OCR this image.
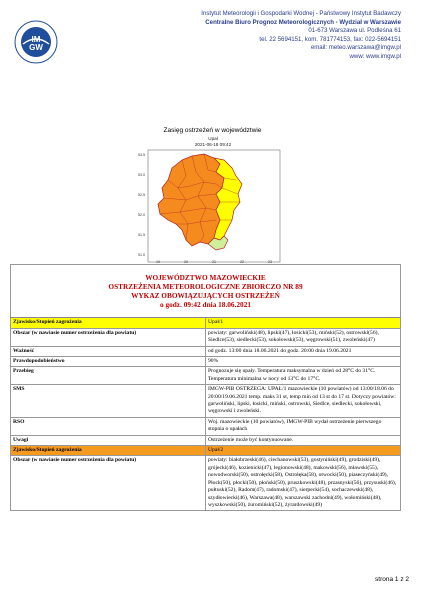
IM
GW
Instytut Meteorologii i Gospodarki Wodnej - Państwowy Instytut Badawczy
Centralne Biuro Prognoz Meteorologicznych - Wydział w Warszawie
01-673 Warszawa ul. Podleśna 61
tel. 22 5694151, kom. 781774153, fax: 022-5694151
email: meteo.warszawa@imgw.pl
www: www.imgw.pl
Zasięg ostrzeżeń w województwie
Upał
2021-06-18 09:42
53.5
53.0
52.5
52.0
51.5
51.0
19	20	21	22	23
WOJEWÓDZTWO MAZOWIECKIE
OSTRZEŻENIA METEOROLOGICZNE ZBIORCZO NR 89
WYKAZ OBOWIĄZUJĄCYCH OSTRZEŻEŃ
o godz. 09:42 dnia 18.06.2021	

Zjawisko/Stopień zagrożenia	Upał/1
Obszar (w nawiasie numer ostrzeżenia dla powiatu)	powiaty: garwoliński(48), lipski(47), łosicki(53), miński(52), ostrowski(56), Siedlce(53), siedlecki(53), sokołowski(53), węgrowski(51), zwoleński(47)
Ważność	od godz. 13:00 dnia 18.06.2021 do godz. 20:00 dnia 19.06.2021
Prawdopodobieństwo	90%
Przebieg	Prognozuje się upały. Temperatura maksymalna w dzień od 28°C do 31°C. Temperatura minimalna w nocy od 13°C do 17°C.
SMS	IMGW-PIB OSTRZEGA: UPAŁ/1 mazowieckie (10 powiatów) od 13:00/18.06 do 20:00/19.06.2021 temp. maks 31 st, temp min od 13 st do 17 st. Dotyczy powiatów: garwoliński, lipski, łosicki, miński, ostrowski, Siedlce, siedlecki, sokołowski, węgrowski i zwoleński.
RSO	Woj. mazowieckie (10 powiatów), IMGW-PIB wydał ostrzeżenie pierwszego stopnia o upałach
Uwagi	Ostrzeżenie może być kontynuowane.
Zjawisko/Stopień zagrożenia	Upał/2
Obszar (w nawiasie numer ostrzeżenia dla powiatu)	powiaty: białobrzeski(46), ciechanowski(53), gostyniński(49), grodziski(49), grójecki(46), kozienicki(47), legionowski(48), makowski(56), mławski(55), nowodworski(50), ostrołęcki(58), Ostrołęka(58), otwocki(50), piaseczyński(49), Płock(50), płocki(50), płoński(50), pruszkowski(48), przasnyski(56), przysuski(46), pułtuski(52), Radom(47), radomski(47), sierpecki(54), sochaczewski(48), szydłowiecki(46), Warszawa(48), warszawski zachodni(49), wołomiński(48), wyszkowski(50), żuromiński(52), żyrardowski(49)
strona 1 z 2
